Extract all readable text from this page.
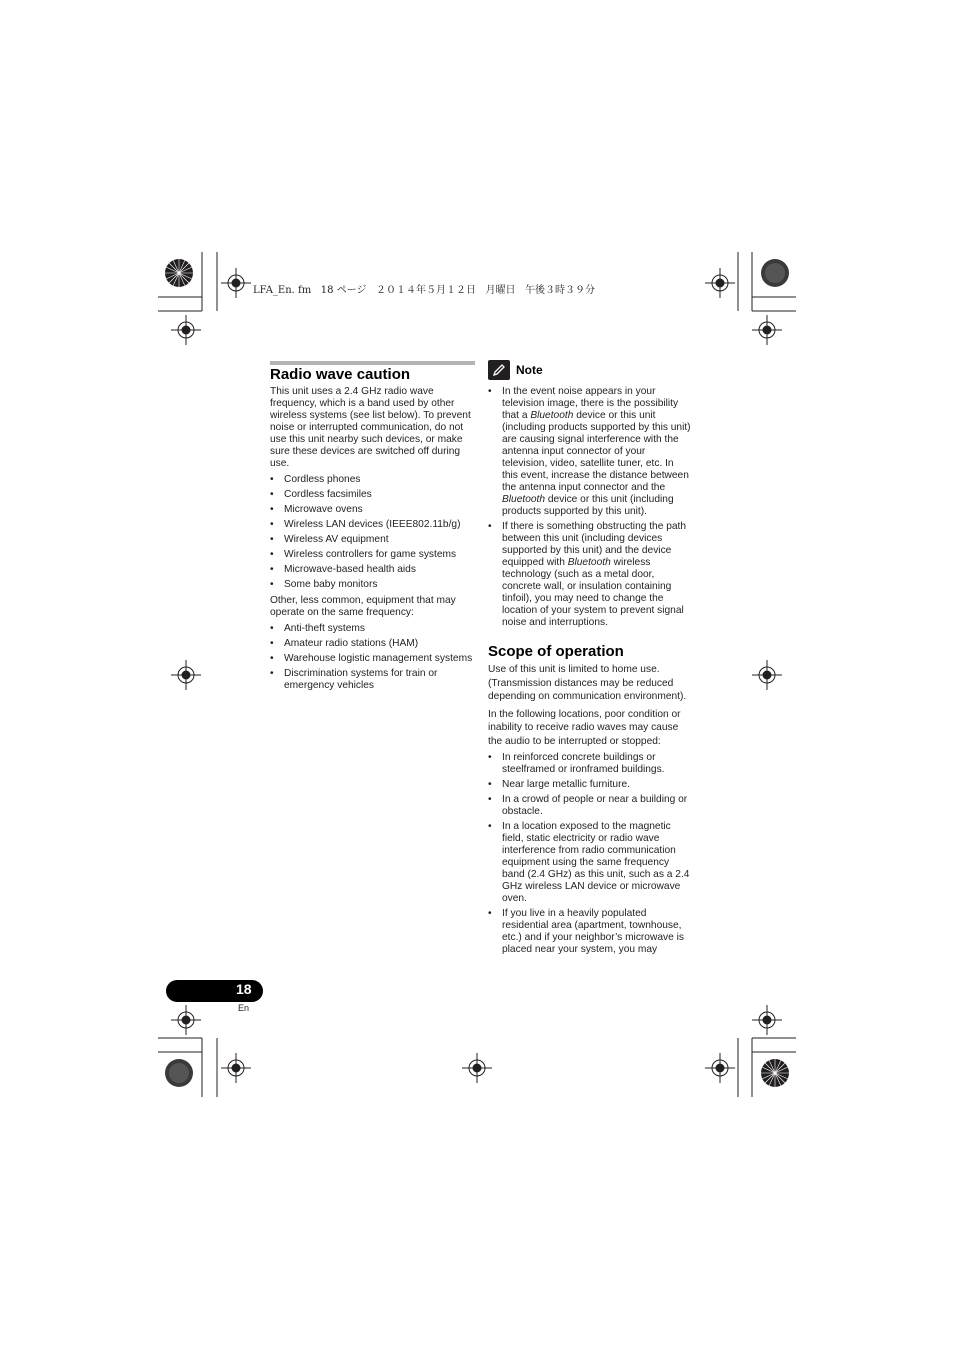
LFA_En. fm   18 ページ   ２０１４年５月１２日   月曜日   午後３時３９分
Radio wave caution

This unit uses a 2.4 GHz radio wave frequency, which is a band used by other wireless systems (see list below). To prevent noise or interrupted communication, do not use this unit nearby such devices, or make sure these devices are switched off during use.

• Cordless phones
• Cordless facsimiles
• Microwave ovens
• Wireless LAN devices (IEEE802.11b/g)
• Wireless AV equipment
• Wireless controllers for game systems
• Microwave-based health aids
• Some baby monitors

Other, less common, equipment that may operate on the same frequency:

• Anti-theft systems
• Amateur radio stations (HAM)
• Warehouse logistic management systems
• Discrimination systems for train or emergency vehicles
Note
• In the event noise appears in your television image, there is the possibility that a Bluetooth device or this unit (including products supported by this unit) are causing signal interference with the antenna input connector of your television, video, satellite tuner, etc. In this event, increase the distance between the antenna input connector and the Bluetooth device or this unit (including products supported by this unit).
• If there is something obstructing the path between this unit (including devices supported by this unit) and the device equipped with Bluetooth wireless technology (such as a metal door, concrete wall, or insulation containing tinfoil), you may need to change the location of your system to prevent signal noise and interruptions.
Scope of operation

Use of this unit is limited to home use. (Transmission distances may be reduced depending on communication environment).

In the following locations, poor condition or inability to receive radio waves may cause the audio to be interrupted or stopped:

• In reinforced concrete buildings or steelframed or ironframed buildings.
• Near large metallic furniture.
• In a crowd of people or near a building or obstacle.
• In a location exposed to the magnetic field, static electricity or radio wave interference from radio communication equipment using the same frequency band (2.4 GHz) as this unit, such as a 2.4 GHz wireless LAN device or microwave oven.
• If you live in a heavily populated residential area (apartment, townhouse, etc.) and if your neighbor’s microwave is placed near your system, you may
18
En
